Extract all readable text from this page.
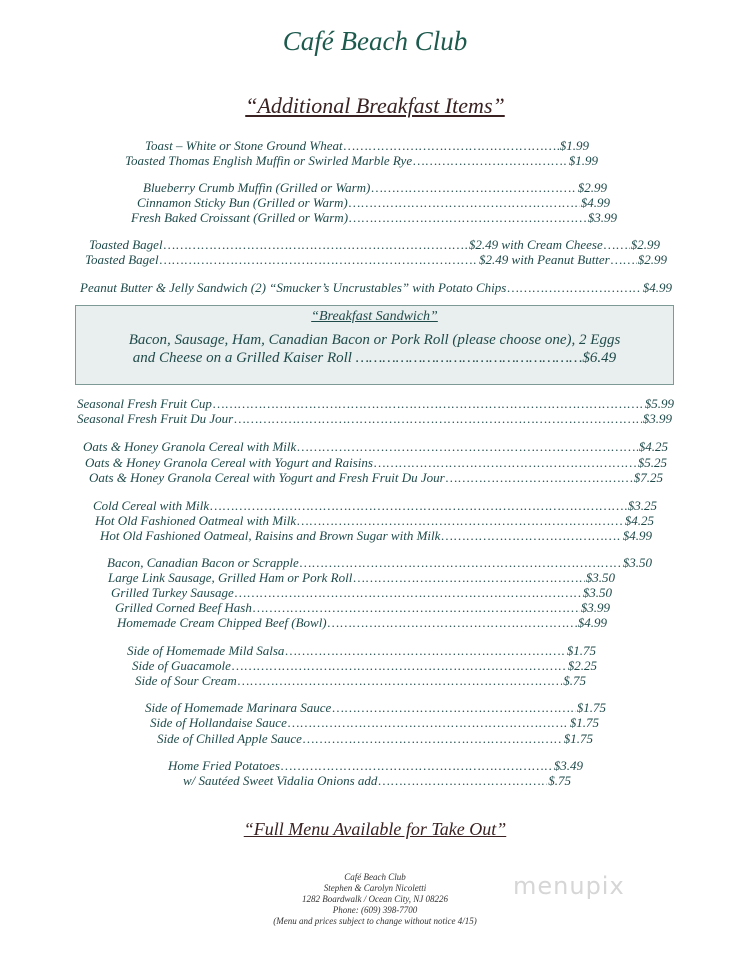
Café Beach Club
“Additional Breakfast Items”
Toast – White or Stone Ground Wheat ………………………………………………………………………………………………………………………………………………………………………………	$1.99
Toasted Thomas English Muffin or Swirled Marble Rye ………………………………………………………………………………………………………………………………………………………………………………	$1.99
Blueberry Crumb Muffin (Grilled or Warm) ………………………………………………………………………………………………………………………………………………………………………………	$2.99
Cinnamon Sticky Bun (Grilled or Warm) ………………………………………………………………………………………………………………………………………………………………………………	$4.99
Fresh Baked Croissant (Grilled or Warm) ………………………………………………………………………………………………………………………………………………………………………………	$3.99
Toasted Bagel ………………………………………………………………………………………………………………………………………………………………………………	$2.49 with Cream Cheese ……………………………………………………………………………………………………………………………………………………………………………… $2.99
Toasted Bagel ………………………………………………………………………………………………………………………………………………………………………………	$2.49 with Peanut Butter ……………………………………………………………………………………………………………………………………………………………………………… $2.99
Peanut Butter & Jelly Sandwich (2) “Smucker’s Uncrustables” with Potato Chips ………………………………………………………………………………………………………………………………………………………………………………	$4.99
Seasonal Fresh Fruit Cup ………………………………………………………………………………………………………………………………………………………………………………	$5.99
Seasonal Fresh Fruit Du Jour ………………………………………………………………………………………………………………………………………………………………………………	$3.99
Oats & Honey Granola Cereal with Milk ………………………………………………………………………………………………………………………………………………………………………………	$4.25
Oats & Honey Granola Cereal with Yogurt and Raisins ………………………………………………………………………………………………………………………………………………………………………………	$5.25
Oats & Honey Granola Cereal with Yogurt and Fresh Fruit Du Jour ………………………………………………………………………………………………………………………………………………………………………………	$7.25
Cold Cereal with Milk ………………………………………………………………………………………………………………………………………………………………………………	$3.25
Hot Old Fashioned Oatmeal with Milk ………………………………………………………………………………………………………………………………………………………………………………	$4.25
Hot Old Fashioned Oatmeal, Raisins and Brown Sugar with Milk ………………………………………………………………………………………………………………………………………………………………………………	$4.99
Bacon, Canadian Bacon or Scrapple ………………………………………………………………………………………………………………………………………………………………………………	$3.50
Large Link Sausage, Grilled Ham or Pork Roll ………………………………………………………………………………………………………………………………………………………………………………	$3.50
Grilled Turkey Sausage ………………………………………………………………………………………………………………………………………………………………………………	$3.50
Grilled Corned Beef Hash ………………………………………………………………………………………………………………………………………………………………………………	$3.99
Homemade Cream Chipped Beef (Bowl) ………………………………………………………………………………………………………………………………………………………………………………	$4.99
Side of Homemade Mild Salsa ………………………………………………………………………………………………………………………………………………………………………………	$1.75
Side of Guacamole ………………………………………………………………………………………………………………………………………………………………………………	$2.25
Side of Sour Cream ………………………………………………………………………………………………………………………………………………………………………………	$.75
Side of Homemade Marinara Sauce ………………………………………………………………………………………………………………………………………………………………………………	$1.75
Side of Hollandaise Sauce ………………………………………………………………………………………………………………………………………………………………………………	$1.75
Side of Chilled Apple Sauce ………………………………………………………………………………………………………………………………………………………………………………	$1.75
Home Fried Potatoes ………………………………………………………………………………………………………………………………………………………………………………	$3.49
w/ Sautéed Sweet Vidalia Onions add ………………………………………………………………………………………………………………………………………………………………………………	$.75
“Breakfast Sandwich”
Bacon, Sausage, Ham, Canadian Bacon or Pork Roll (please choose one), 2 Eggs
and Cheese on a Grilled Kaiser Roll ……………………………………………$6.49
“Full Menu Available for Take Out”
Café Beach Club
Stephen & Carolyn Nicoletti
1282 Boardwalk / Ocean City, NJ 08226
Phone: (609) 398-7700
(Menu and prices subject to change without notice 4/15)
menupix
